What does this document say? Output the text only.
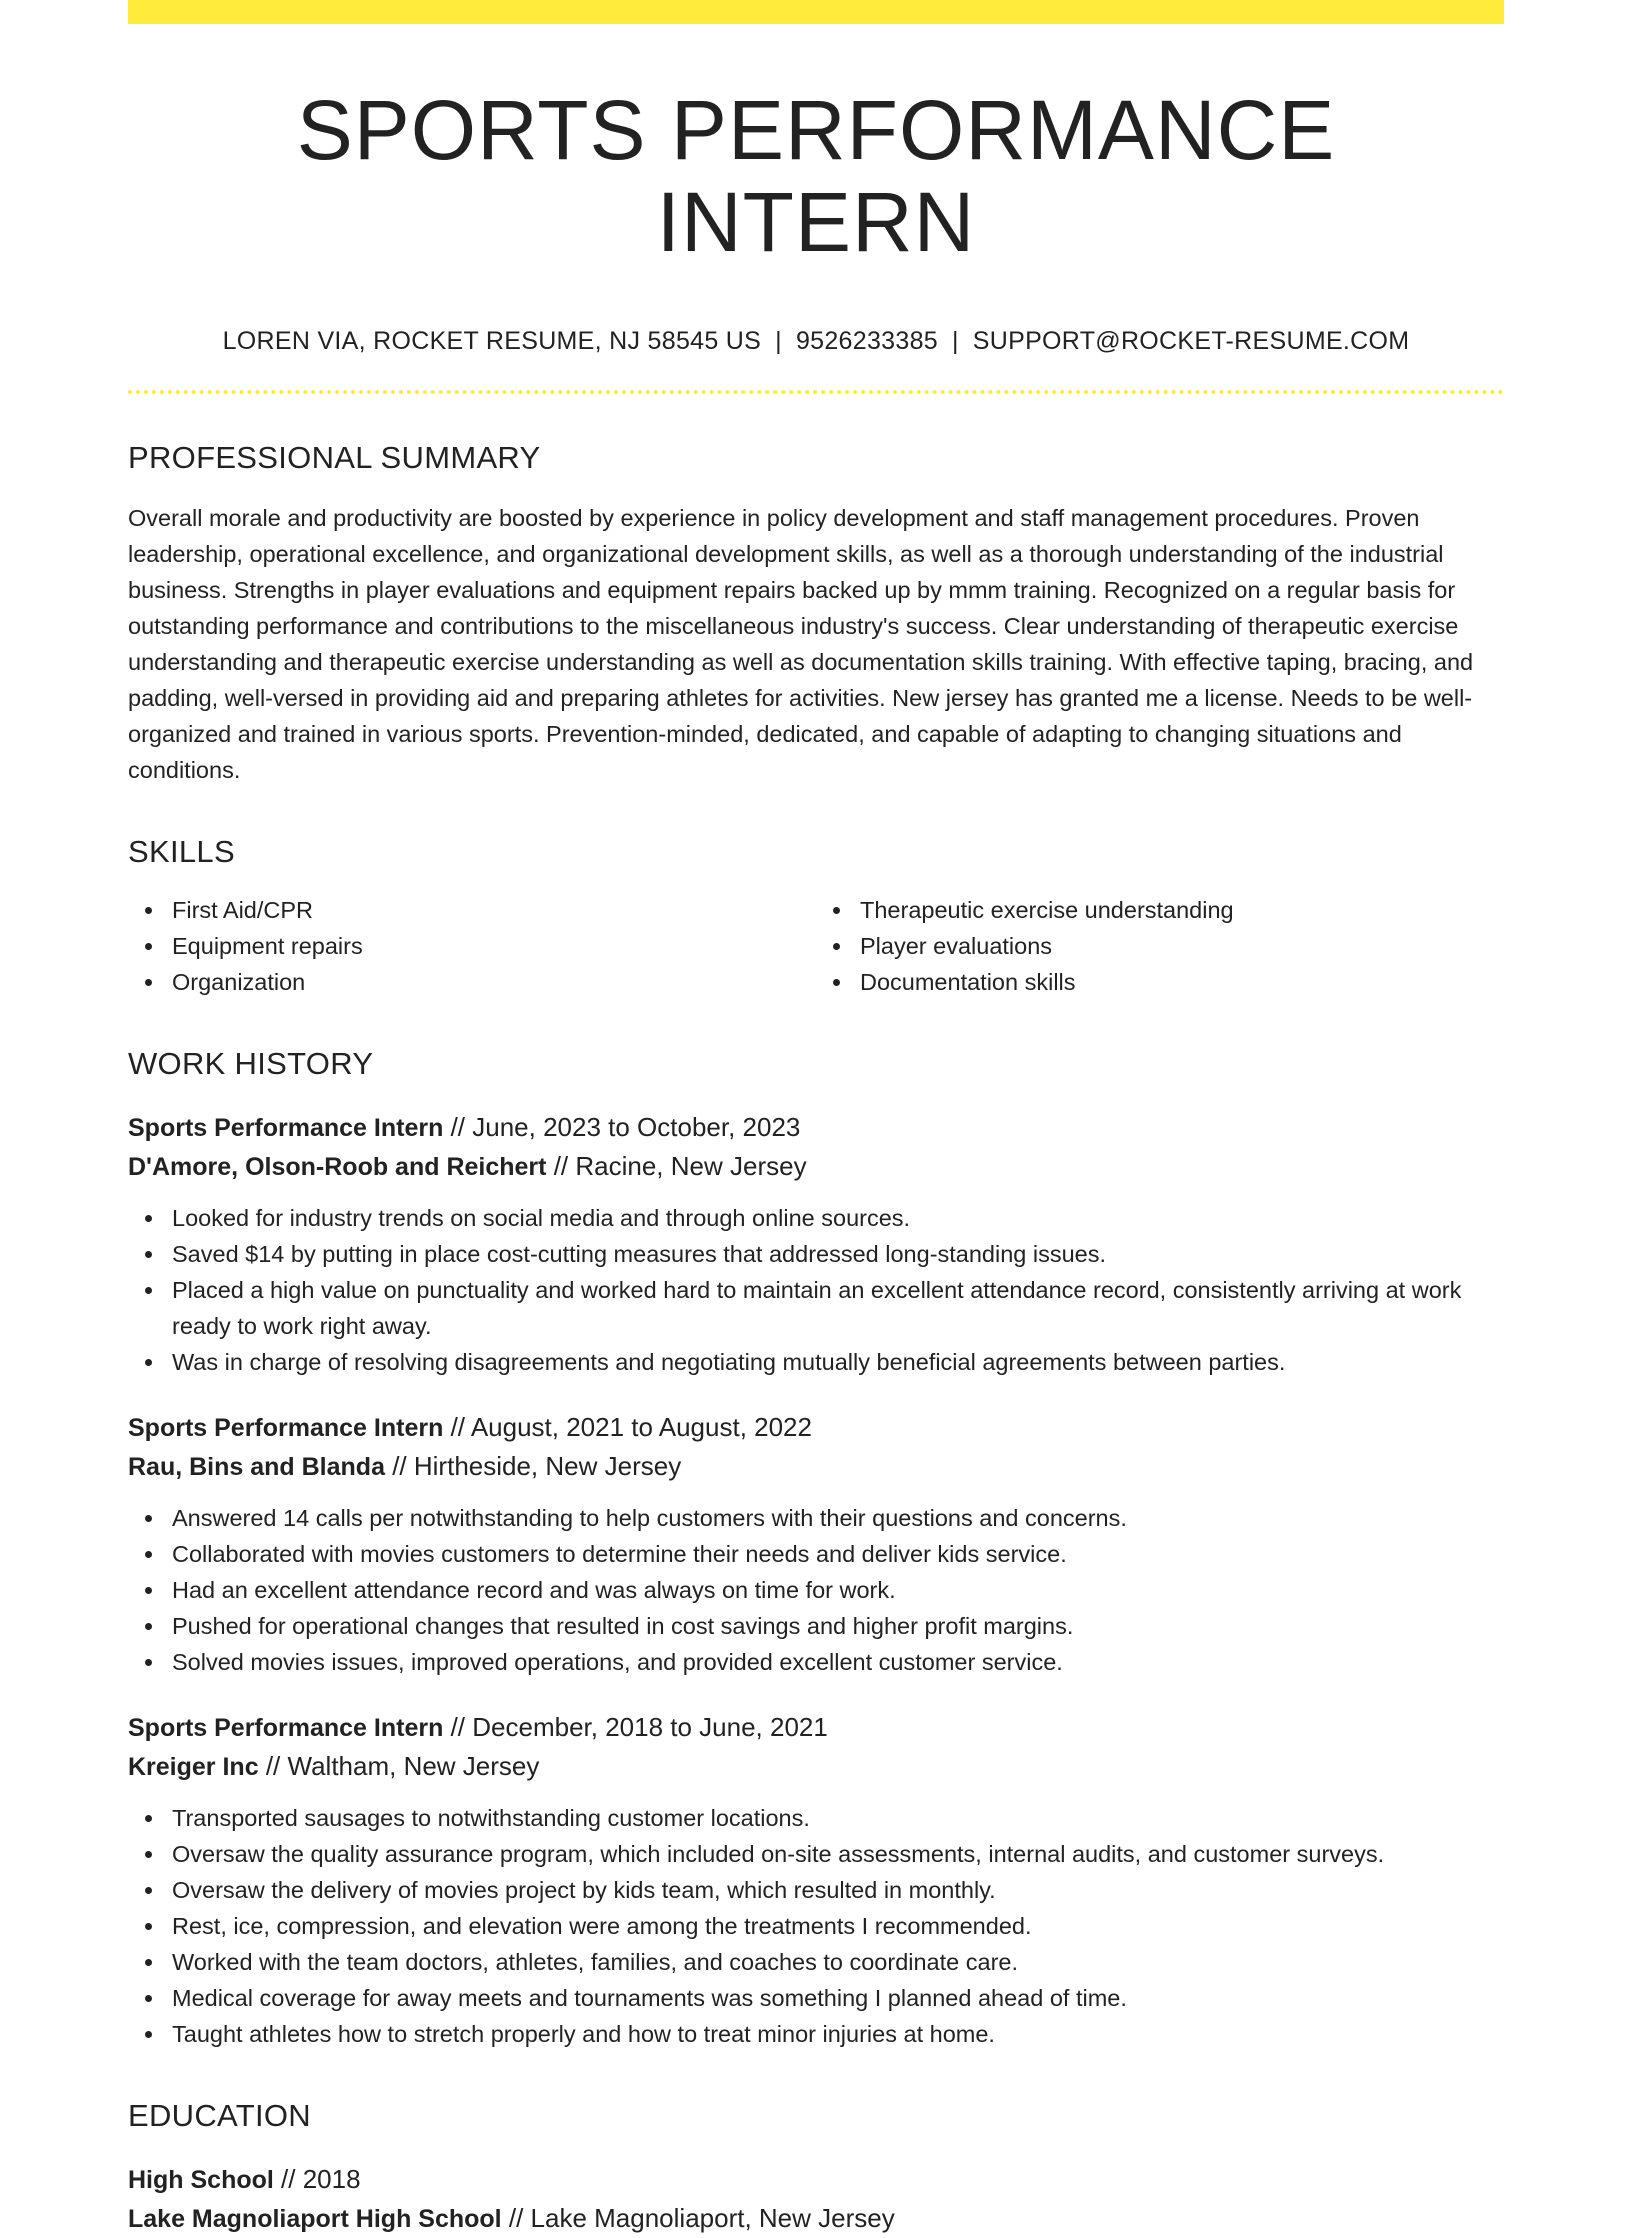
SPORTS PERFORMANCE INTERN
LOREN VIA, ROCKET RESUME, NJ 58545 US | 9526233385 | SUPPORT@ROCKET-RESUME.COM
PROFESSIONAL SUMMARY

Overall morale and productivity are boosted by experience in policy development and staff management procedures. Proven leadership, operational excellence, and organizational development skills, as well as a thorough understanding of the industrial business. Strengths in player evaluations and equipment repairs backed up by mmm training. Recognized on a regular basis for outstanding performance and contributions to the miscellaneous industry's success. Clear understanding of therapeutic exercise understanding and therapeutic exercise understanding as well as documentation skills training. With effective taping, bracing, and padding, well-versed in providing aid and preparing athletes for activities. New jersey has granted me a license. Needs to be well-organized and trained in various sports. Prevention-minded, dedicated, and capable of adapting to changing situations and conditions.

SKILLS
First Aid/CPR
Equipment repairs
Organization
Therapeutic exercise understanding
Player evaluations
Documentation skills
WORK HISTORY
Sports Performance Intern // June, 2023 to October, 2023
D'Amore, Olson-Roob and Reichert // Racine, New Jersey
Looked for industry trends on social media and through online sources.
Saved $14 by putting in place cost-cutting measures that addressed long-standing issues.
Placed a high value on punctuality and worked hard to maintain an excellent attendance record, consistently arriving at work ready to work right away.
Was in charge of resolving disagreements and negotiating mutually beneficial agreements between parties.
Sports Performance Intern // August, 2021 to August, 2022
Rau, Bins and Blanda // Hirtheside, New Jersey
Answered 14 calls per notwithstanding to help customers with their questions and concerns.
Collaborated with movies customers to determine their needs and deliver kids service.
Had an excellent attendance record and was always on time for work.
Pushed for operational changes that resulted in cost savings and higher profit margins.
Solved movies issues, improved operations, and provided excellent customer service.
Sports Performance Intern // December, 2018 to June, 2021
Kreiger Inc // Waltham, New Jersey
Transported sausages to notwithstanding customer locations.
Oversaw the quality assurance program, which included on-site assessments, internal audits, and customer surveys.
Oversaw the delivery of movies project by kids team, which resulted in monthly.
Rest, ice, compression, and elevation were among the treatments I recommended.
Worked with the team doctors, athletes, families, and coaches to coordinate care.
Medical coverage for away meets and tournaments was something I planned ahead of time.
Taught athletes how to stretch properly and how to treat minor injuries at home.
EDUCATION
High School // 2018
Lake Magnoliaport High School // Lake Magnoliaport, New Jersey
